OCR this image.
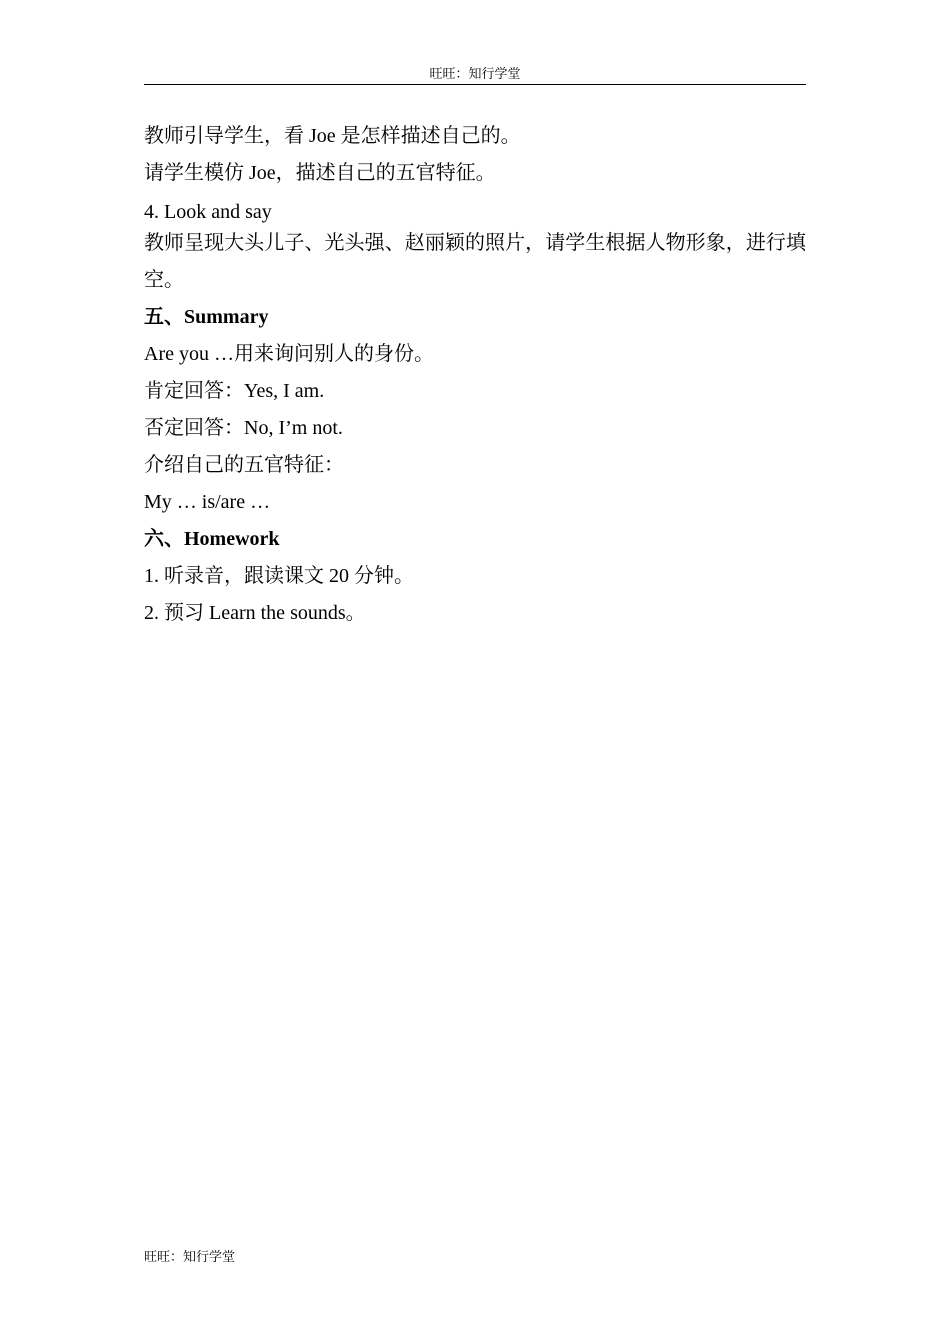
旺旺：知行学堂
教师引导学生，看 Joe 是怎样描述自己的。
请学生模仿 Joe，描述自己的五官特征。
4. Look and say
教师呈现大头儿子、光头强、赵丽颖的照片，请学生根据人物形象，进行填空。
五、Summary
Are you …用来询问别人的身份。
肯定回答：Yes, I am.
否定回答：No, I’m not.
介绍自己的五官特征：
My … is/are …
六、Homework
1. 听录音，跟读课文 20 分钟。
2. 预习 Learn the sounds。
旺旺：知行学堂
